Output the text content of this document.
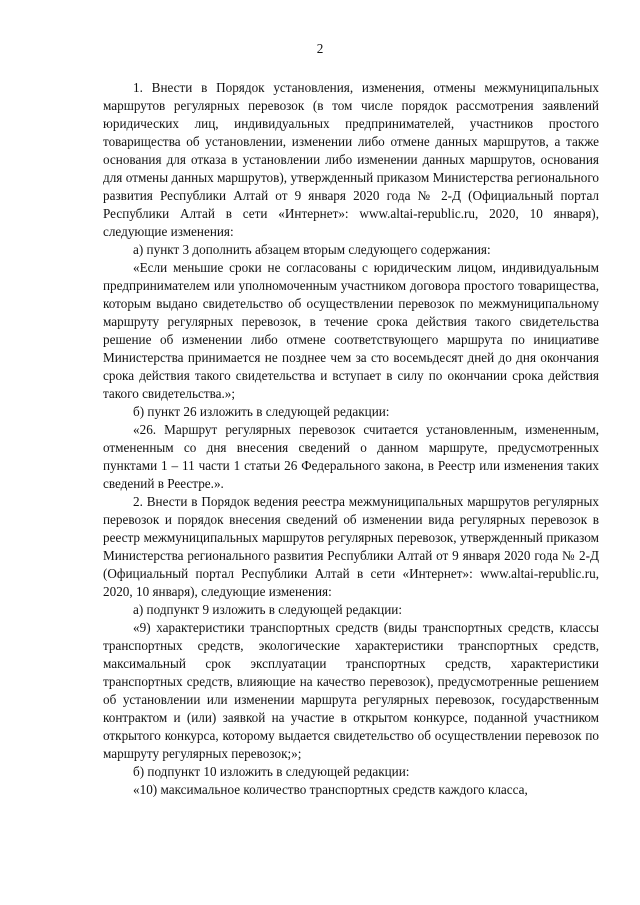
2

1. Внести в Порядок установления, изменения, отмены межмуниципальных маршрутов регулярных перевозок (в том числе порядок рассмотрения заявлений юридических лиц, индивидуальных предпринимателей, участников простого товарищества об установлении, изменении либо отмене данных маршрутов, а также основания для отказа в установлении либо изменении данных маршрутов, основания для отмены данных маршрутов), утвержденный приказом Министерства регионального развития Республики Алтай от 9 января 2020 года № 2-Д (Официальный портал Республики Алтай в сети «Интернет»: www.altai-republic.ru, 2020, 10 января), следующие изменения:

а) пункт 3 дополнить абзацем вторым следующего содержания:

«Если меньшие сроки не согласованы с юридическим лицом, индивидуальным предпринимателем или уполномоченным участником договора простого товарищества, которым выдано свидетельство об осуществлении перевозок по межмуниципальному маршруту регулярных перевозок, в течение срока действия такого свидетельства решение об изменении либо отмене соответствующего маршрута по инициативе Министерства принимается не позднее чем за сто восемьдесят дней до дня окончания срока действия такого свидетельства и вступает в силу по окончании срока действия такого свидетельства.»;

б) пункт 26 изложить в следующей редакции:

«26. Маршрут регулярных перевозок считается установленным, измененным, отмененным со дня внесения сведений о данном маршруте, предусмотренных пунктами 1 – 11 части 1 статьи 26 Федерального закона, в Реестр или изменения таких сведений в Реестре.».

2. Внести в Порядок ведения реестра межмуниципальных маршрутов регулярных перевозок и порядок внесения сведений об изменении вида регулярных перевозок в реестр межмуниципальных маршрутов регулярных перевозок, утвержденный приказом Министерства регионального развития Республики Алтай от 9 января 2020 года № 2-Д (Официальный портал Республики Алтай в сети «Интернет»: www.altai-republic.ru, 2020, 10 января), следующие изменения:

а) подпункт 9 изложить в следующей редакции:

«9) характеристики транспортных средств (виды транспортных средств, классы транспортных средств, экологические характеристики транспортных средств, максимальный срок эксплуатации транспортных средств, характеристики транспортных средств, влияющие на качество перевозок), предусмотренные решением об установлении или изменении маршрута регулярных перевозок, государственным контрактом и (или) заявкой на участие в открытом конкурсе, поданной участником открытого конкурса, которому выдается свидетельство об осуществлении перевозок по маршруту регулярных перевозок;»;

б) подпункт 10 изложить в следующей редакции:

«10) максимальное количество транспортных средств каждого класса,
